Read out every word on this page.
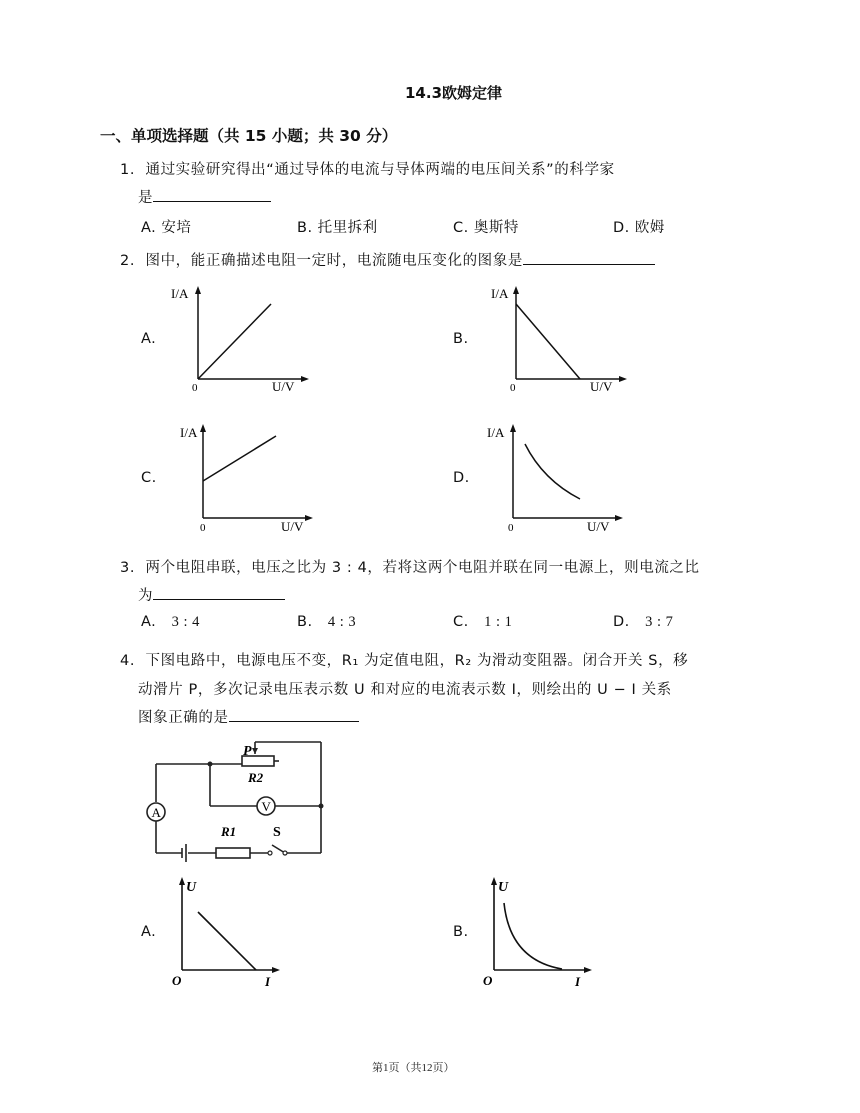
14.3欧姆定律
一、单项选择题（共 15 小题；共 30 分）
1. 通过实验研究得出“通过导体的电流与导体两端的电压间关系”的科学家
是
A. 安培	B. 托里拆利	C. 奥斯特	D. 欧姆
2. 图中，能正确描述电阻一定时，电流随电压变化的图象是
A.	B.
C.	D.
I/A
0	U/V
I/A
0	U/V
I/A
0	U/V
I/A
0	U/V
3. 两个电阻串联，电压之比为 3 : 4，若将这两个电阻并联在同一电源上，则电流之比
为
A. 3 : 4	B. 4 : 3	C. 1 : 1	D. 3 : 7
4. 下图电路中，电源电压不变，R₁ 为定值电阻，R₂ 为滑动变阻器。闭合开关 S，移
动滑片 P，多次记录电压表示数 U 和对应的电流表示数 I，则绘出的 U − I 关系
图象正确的是
A	V
P
R2
R1	S
A.	B.
U
O	I
U
O	I
第1页（共12页）
